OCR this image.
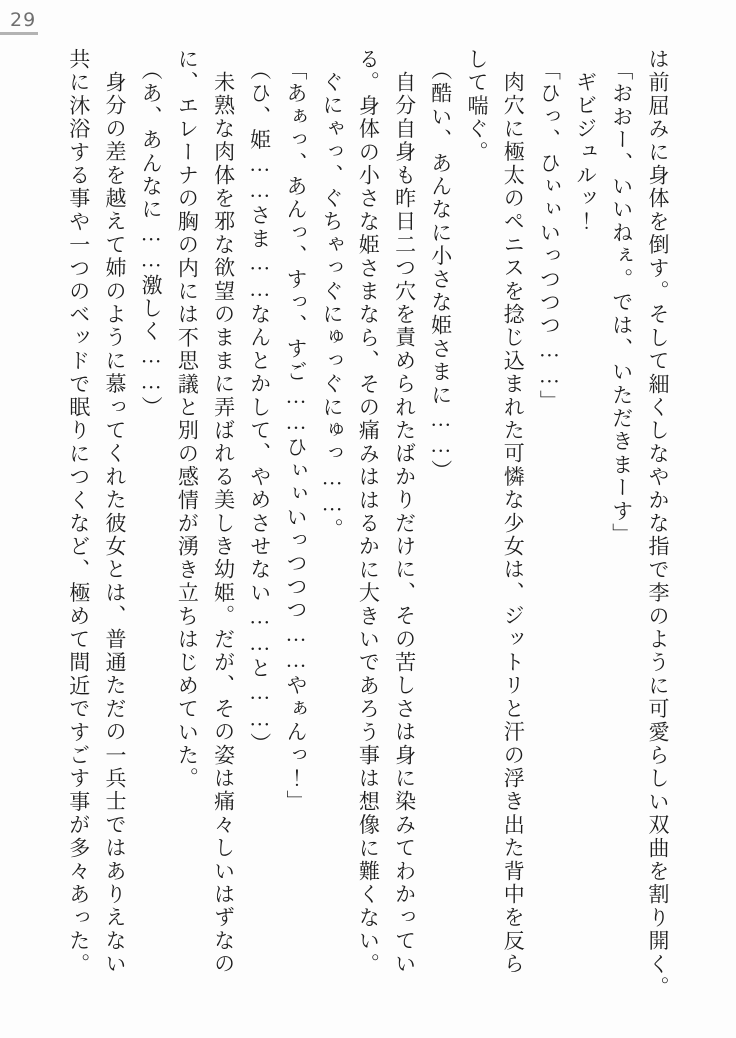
29

は前屈みに身体を倒す。そして細くしなやかな指で李のように可愛らしい双曲を割り開く。

「おおー、いいねぇ。では、いただきまーす」

ギビジュルッ！

「ひっ、ひぃぃいっつつつ……」

肉穴に極太のペニスを捻じ込まれた可憐な少女は、ジットリと汗の浮き出た背中を反ら

して喘ぐ。

（酷い、あんなに小さな姫さまに……）

自分自身も昨日二つ穴を責められたばかりだけに、その苦しさは身に染みてわかってい

る。身体の小さな姫さまなら、その痛みははるかに大きいであろう事は想像に難くない。

ぐにゃっ、ぐちゃっぐにゅっぐにゅっ……。

「あぁっ、あんっ、すっ、すご……ひぃぃいっつつつ……やぁんっ！」

（ひ、姫……さま……なんとかして、やめさせない……と……）

未熟な肉体を邪な欲望のままに弄ばれる美しき幼姫。だが、その姿は痛々しいはずなの

に、エレーナの胸の内には不思議と別の感情が湧き立ちはじめていた。

（あ、あんなに……激しく……）

身分の差を越えて姉のように慕ってくれた彼女とは、普通ただの一兵士ではありえない

共に沐浴する事や一つのベッドで眠りにつくなど、極めて間近ですごす事が多々あった。
